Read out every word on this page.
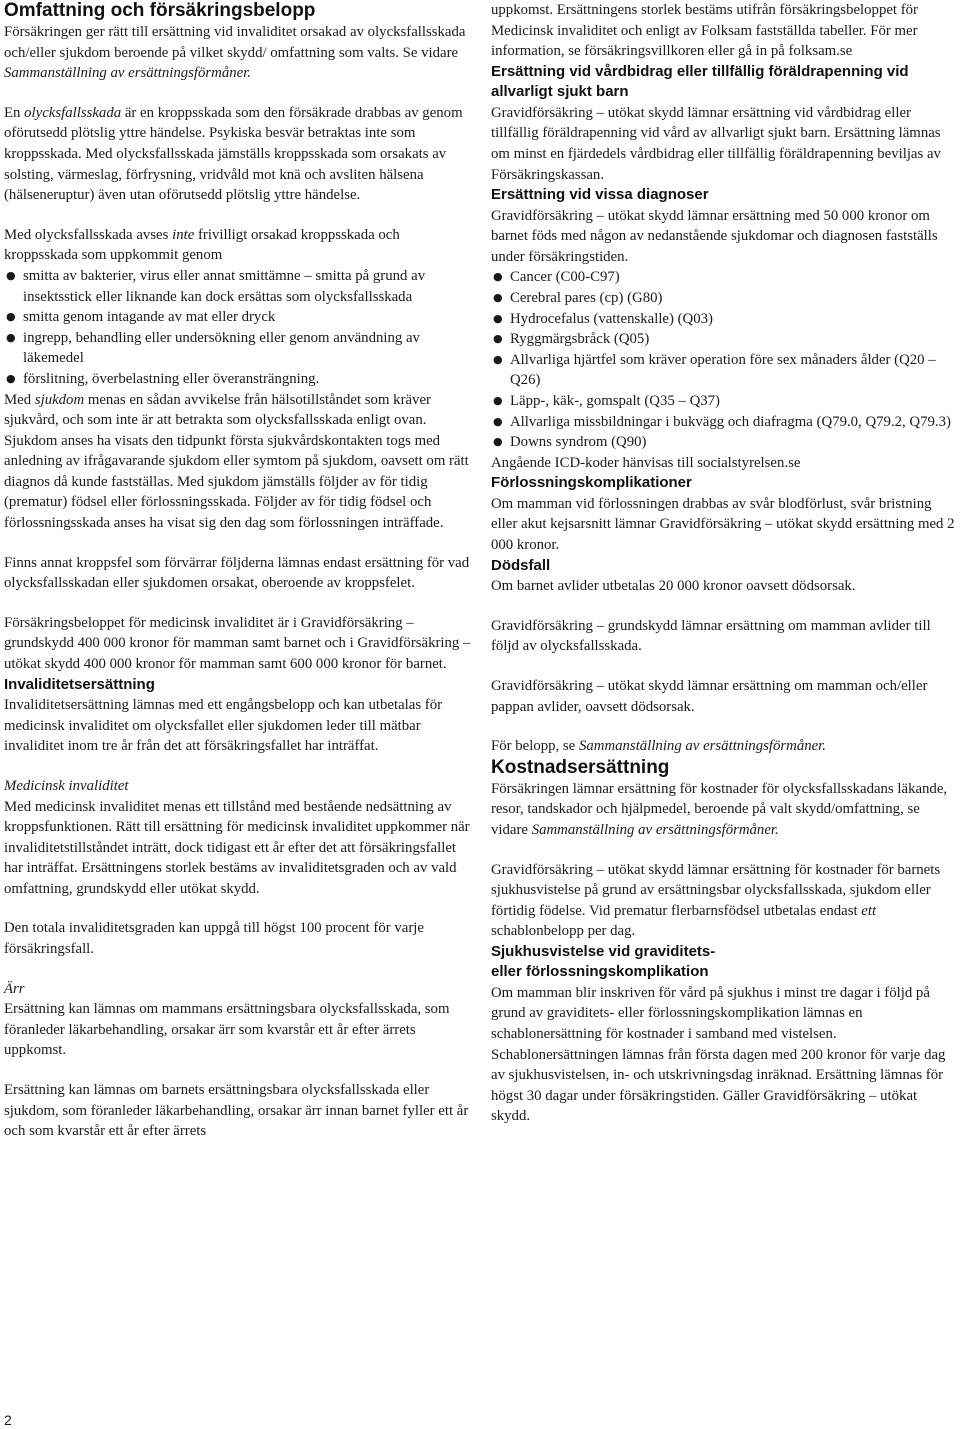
Omfattning och försäkringsbelopp

Försäkringen ger rätt till ersättning vid invaliditet orsakad av olycksfallsskada och/eller sjukdom beroende på vilket skydd/ omfattning som valts. Se vidare Sammanställning av ersättningsförmåner.

En olycksfallsskada är en kroppsskada som den försäkrade drabbas av genom oförutsedd plötslig yttre händelse. Psykiska besvär betraktas inte som kroppsskada. Med olycksfallsskada jämställs kroppsskada som orsakats av solsting, värmeslag, förfrysning, vridvåld mot knä och avsliten hälsena (hälseneruptur) även utan oförutsedd plötslig yttre händelse.

Med olycksfallsskada avses inte frivilligt orsakad kroppsskada och kroppsskada som uppkommit genom

● smitta av bakterier, virus eller annat smittämne – smitta på grund av insektsstick eller liknande kan dock ersättas som olycksfallsskada
● smitta genom intagande av mat eller dryck
● ingrepp, behandling eller undersökning eller genom användning av läkemedel
● förslitning, överbelastning eller överansträngning.

Med sjukdom menas en sådan avvikelse från hälsotillståndet som kräver sjukvård, och som inte är att betrakta som olycksfallsskada enligt ovan. Sjukdom anses ha visats den tidpunkt första sjukvårdskontakten togs med anledning av ifrågavarande sjukdom eller symtom på sjukdom, oavsett om rätt diagnos då kunde fastställas. Med sjukdom jämställs följder av för tidig (prematur) födsel eller förlossningsskada. Följder av för tidig födsel och förlossningsskada anses ha visat sig den dag som förlossningen inträffade.

Finns annat kroppsfel som förvärrar följderna lämnas endast ersättning för vad olycksfallsskadan eller sjukdomen orsakat, oberoende av kroppsfelet.

Försäkringsbeloppet för medicinsk invaliditet är i Gravidförsäkring – grundskydd 400 000 kronor för mamman samt barnet och i Gravidförsäkring – utökat skydd 400 000 kronor för mamman samt 600 000 kronor för barnet.

Invaliditetsersättning

Invaliditetsersättning lämnas med ett engångsbelopp och kan utbetalas för medicinsk invaliditet om olycksfallet eller sjukdomen leder till mätbar invaliditet inom tre år från det att försäkringsfallet har inträffat.

Medicinsk invaliditet

Med medicinsk invaliditet menas ett tillstånd med bestående nedsättning av kroppsfunktionen. Rätt till ersättning för medicinsk invaliditet uppkommer när invaliditetstillståndet inträtt, dock tidigast ett år efter det att försäkringsfallet har inträffat. Ersättningens storlek bestäms av invaliditetsgraden och av vald omfattning, grundskydd eller utökat skydd.

Den totala invaliditetsgraden kan uppgå till högst 100 procent för varje försäkringsfall.

Ärr

Ersättning kan lämnas om mammans ersättningsbara olycksfallsskada, som föranleder läkarbehandling, orsakar ärr som kvarstår ett år efter ärrets uppkomst.

Ersättning kan lämnas om barnets ersättningsbara olycksfallsskada eller sjukdom, som föranleder läkarbehandling, orsakar ärr innan barnet fyller ett år och som kvarstår ett år efter ärrets

uppkomst. Ersättningens storlek bestäms utifrån försäkringsbeloppet för Medicinsk invaliditet och enligt av Folksam fastställda tabeller. För mer information, se försäkringsvillkoren eller gå in på folksam.se

Ersättning vid vårdbidrag eller tillfällig föräldrapenning vid allvarligt sjukt barn

Gravidförsäkring – utökat skydd lämnar ersättning vid vårdbidrag eller tillfällig föräldrapenning vid vård av allvarligt sjukt barn. Ersättning lämnas om minst en fjärdedels vårdbidrag eller tillfällig föräldrapenning beviljas av Försäkringskassan.

Ersättning vid vissa diagnoser

Gravidförsäkring – utökat skydd lämnar ersättning med 50 000 kronor om barnet föds med någon av nedanstående sjukdomar och diagnosen fastställs under försäkringstiden.

● Cancer (C00-C97)
● Cerebral pares (cp) (G80)
● Hydrocefalus (vattenskalle) (Q03)
● Ryggmärgsbråck (Q05)
● Allvarliga hjärtfel som kräver operation före sex månaders ålder (Q20 – Q26)
● Läpp-, käk-, gomspalt (Q35 – Q37)
● Allvarliga missbildningar i bukvägg och diafragma (Q79.0, Q79.2, Q79.3)
● Downs syndrom (Q90)

Angående ICD-koder hänvisas till socialstyrelsen.se

Förlossningskomplikationer

Om mamman vid förlossningen drabbas av svår blodförlust, svår bristning eller akut kejsarsnitt lämnar Gravidförsäkring – utökat skydd ersättning med 2 000 kronor.

Dödsfall

Om barnet avlider utbetalas 20 000 kronor oavsett dödsorsak.

Gravidförsäkring – grundskydd lämnar ersättning om mamman avlider till följd av olycksfallsskada.

Gravidförsäkring – utökat skydd lämnar ersättning om mamman och/eller pappan avlider, oavsett dödsorsak.

För belopp, se Sammanställning av ersättningsförmåner.

Kostnadsersättning

Försäkringen lämnar ersättning för kostnader för olycksfallsskadans läkande, resor, tandskador och hjälpmedel, beroende på valt skydd/omfattning, se vidare Sammanställning av ersättningsförmåner.

Gravidförsäkring – utökat skydd lämnar ersättning för kostnader för barnets sjukhusvistelse på grund av ersättningsbar olycksfallsskada, sjukdom eller förtidig födelse. Vid prematur flerbarnsfödsel utbetalas endast ett schablonbelopp per dag.

Sjukhusvistelse vid graviditets-
eller förlossningskomplikation

Om mamman blir inskriven för vård på sjukhus i minst tre dagar i följd på grund av graviditets- eller förlossningskomplikation lämnas en schablonersättning för kostnader i samband med vistelsen. Schablonersättningen lämnas från första dagen med 200 kronor för varje dag av sjukhusvistelsen, in- och utskrivningsdag inräknad. Ersättning lämnas för högst 30 dagar under försäkringstiden. Gäller Gravidförsäkring – utökat skydd.

2
